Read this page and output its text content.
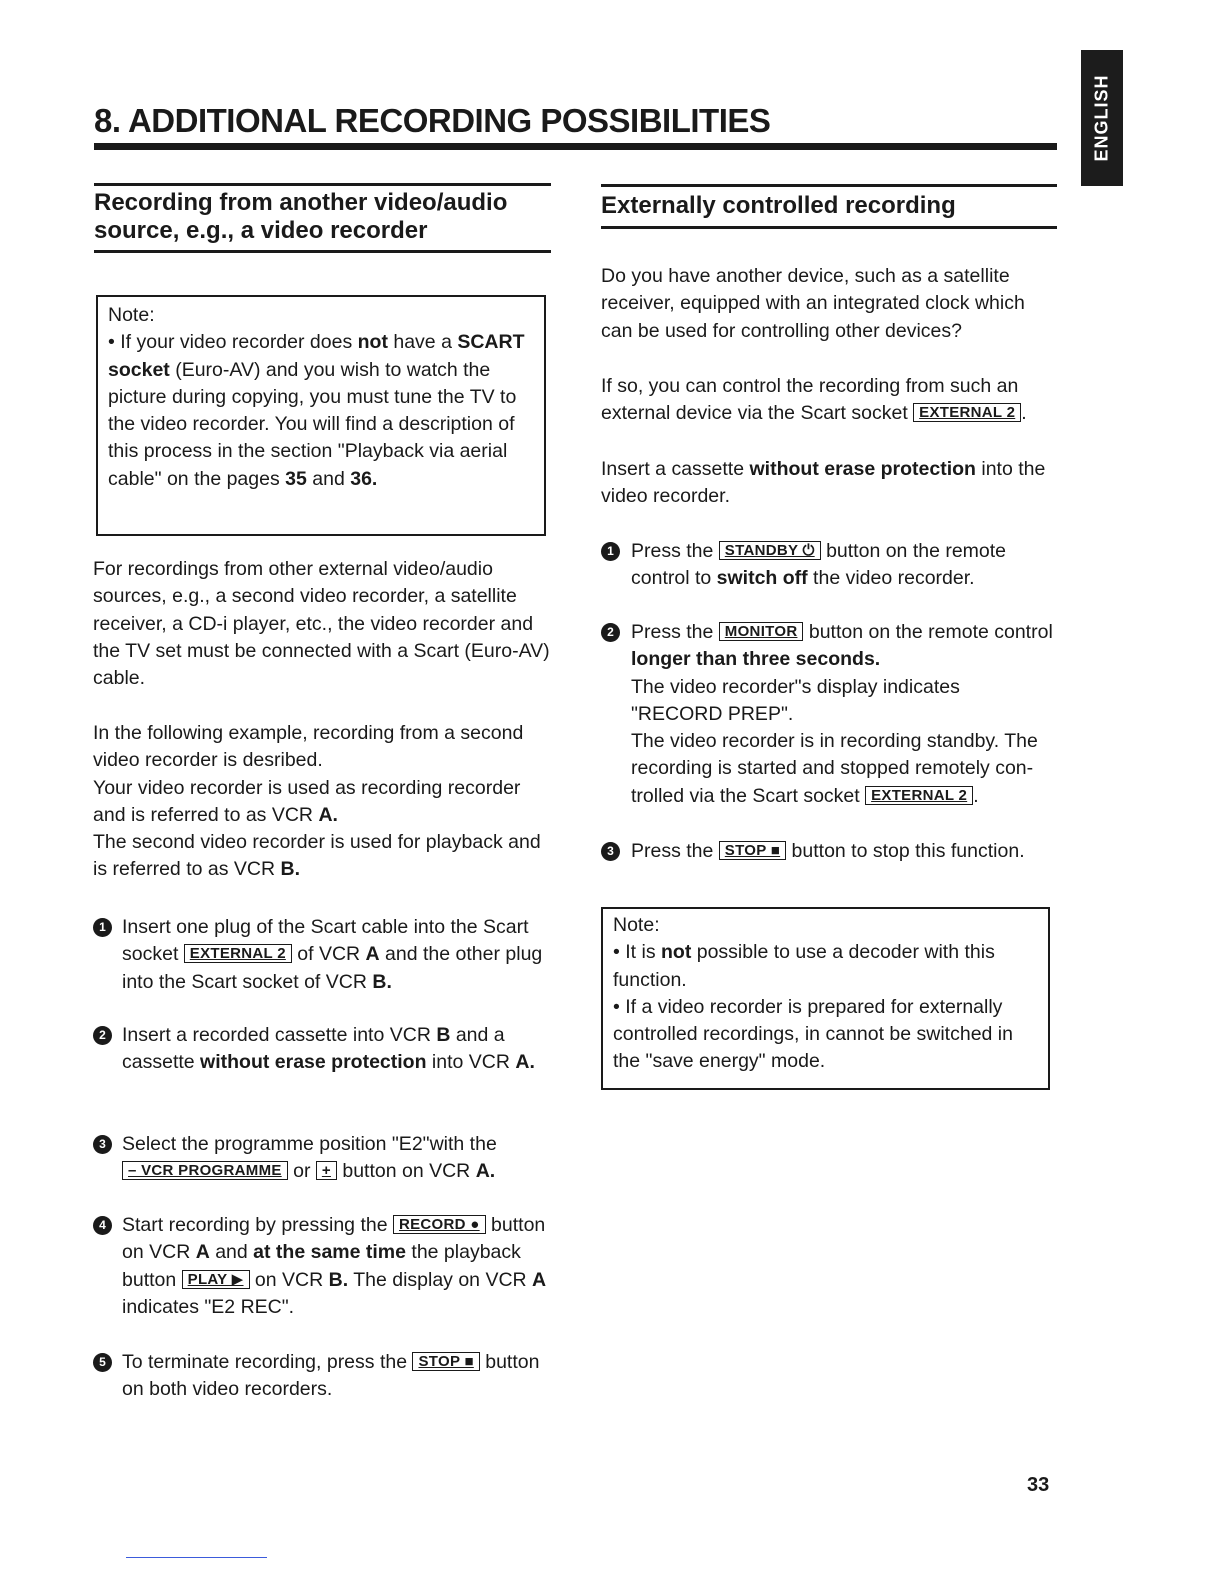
ENGLISH
8. ADDITIONAL RECORDING POSSIBILITIES
Recording from another video/audio
source, e.g., a video recorder

Note:

• If your video recorder does not have a SCART socket (Euro-AV) and you wish to watch the picture during copying, you must tune the TV to the video recorder. You will find a description of this process in the section "Playback via aerial cable" on the pages 35 and 36.

For recordings from other external video/audio sources, e.g., a second video recorder, a satellite receiver, a CD-i player, etc., the video recorder and the TV set must be connected with a Scart (Euro-AV) cable.

In the following example, recording from a second video recorder is desribed.

Your video recorder is used as recording recorder and is referred to as VCR A.

The second video recorder is used for playback and is referred to as VCR B.

1 Insert one plug of the Scart cable into the Scart socket EXTERNAL 2 of VCR A and the other plug into the Scart socket of VCR B.
2 Insert a recorded cassette into VCR B and a cassette without erase protection into VCR A.
3 Select the programme position "E2"with the – VCR PROGRAMME or + button on VCR A.
4 Start recording by pressing the RECORD ● button on VCR A and at the same time the playback button PLAY ▶ on VCR B. The display on VCR A indicates "E2 REC".
5 To terminate recording, press the STOP ■ button on both video recorders.
Externally controlled recording
Do you have another device, such as a satellite receiver, equipped with an integrated clock which can be used for controlling other devices?
If so, you can control the recording from such an external device via the Scart socket EXTERNAL 2 .
Insert a cassette without erase protection into the video recorder.
1 Press the STANDBY ⏻ button on the remote control to switch off the video recorder.
2 Press the MONITOR button on the remote control longer than three seconds.
The video recorder"s display indicates "RECORD PREP".
The video recorder is in recording standby. The recording is started and stopped remotely con-trolled via the Scart socket EXTERNAL 2 .
3 Press the STOP ■ button to stop this function.

Note:

• It is not possible to use a decoder with this function.

• If a video recorder is prepared for externally controlled recordings, in cannot be switched in the "save energy" mode.

33
